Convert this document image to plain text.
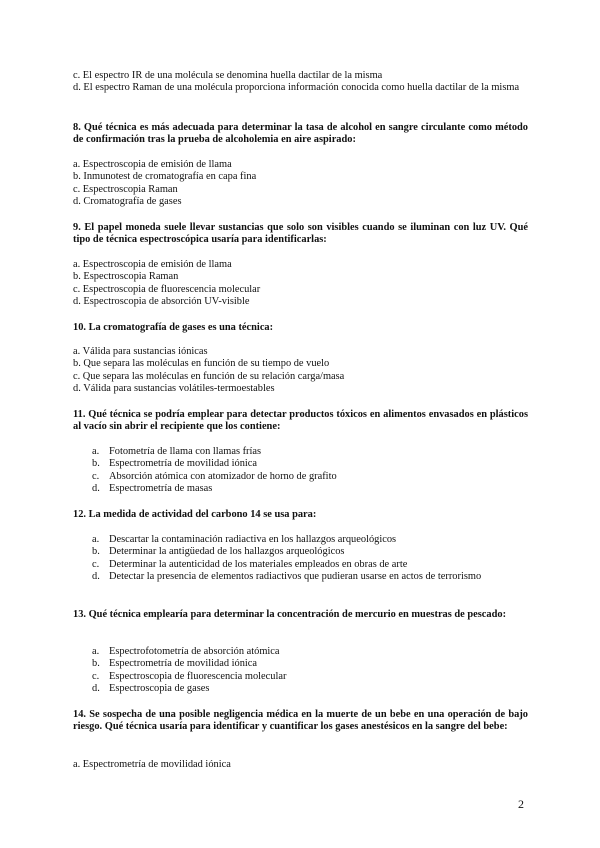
c. El espectro IR de una molécula se denomina huella dactilar de la misma

d. El espectro Raman de una molécula proporciona información conocida como huella dactilar de la misma

8. Qué técnica es más adecuada para determinar la tasa de alcohol en sangre circulante como método de confirmación tras la prueba de alcoholemia en aire aspirado:

a. Espectroscopia de emisión de llama

b. Inmunotest de cromatografía en capa fina

c. Espectroscopia Raman

d. Cromatografía de gases

9. El papel moneda suele llevar sustancias que solo son visibles cuando se iluminan con luz UV. Qué tipo de técnica espectroscópica usaría para identificarlas:

a. Espectroscopia de emisión de llama

b. Espectroscopia Raman

c. Espectroscopia de fluorescencia molecular

d. Espectroscopia de absorción UV-visible

10. La cromatografía de gases es una técnica:

a. Válida para sustancias iónicas

b. Que separa las moléculas en función de su tiempo de vuelo

c. Que separa las moléculas en función de su relación carga/masa

d. Válida para sustancias volátiles-termoestables

11. Qué técnica se podría emplear para detectar productos tóxicos en alimentos envasados en plásticos al vacío sin abrir el recipiente que los contiene:

a. Fotometría de llama con llamas frías
b. Espectrometría de movilidad iónica
c. Absorción atómica con atomizador de horno de grafito
d. Espectrometría de masas

12. La medida de actividad del carbono 14 se usa para:

a. Descartar la contaminación radiactiva en los hallazgos arqueológicos
b. Determinar la antigüedad de los hallazgos arqueológicos
c. Determinar la autenticidad de los materiales empleados en obras de arte
d. Detectar la presencia de elementos radiactivos que pudieran usarse en actos de terrorismo

13. Qué técnica emplearía para determinar la concentración de mercurio en muestras de pescado:

a. Espectrofotometría de absorción atómica
b. Espectrometría de movilidad iónica
c. Espectroscopia de fluorescencia molecular
d. Espectroscopia de gases

14. Se sospecha de una posible negligencia médica en la muerte de un bebe en una operación de bajo riesgo. Qué técnica usaría para identificar y cuantificar los gases anestésicos en la sangre del bebe:

a. Espectrometría de movilidad iónica

2
